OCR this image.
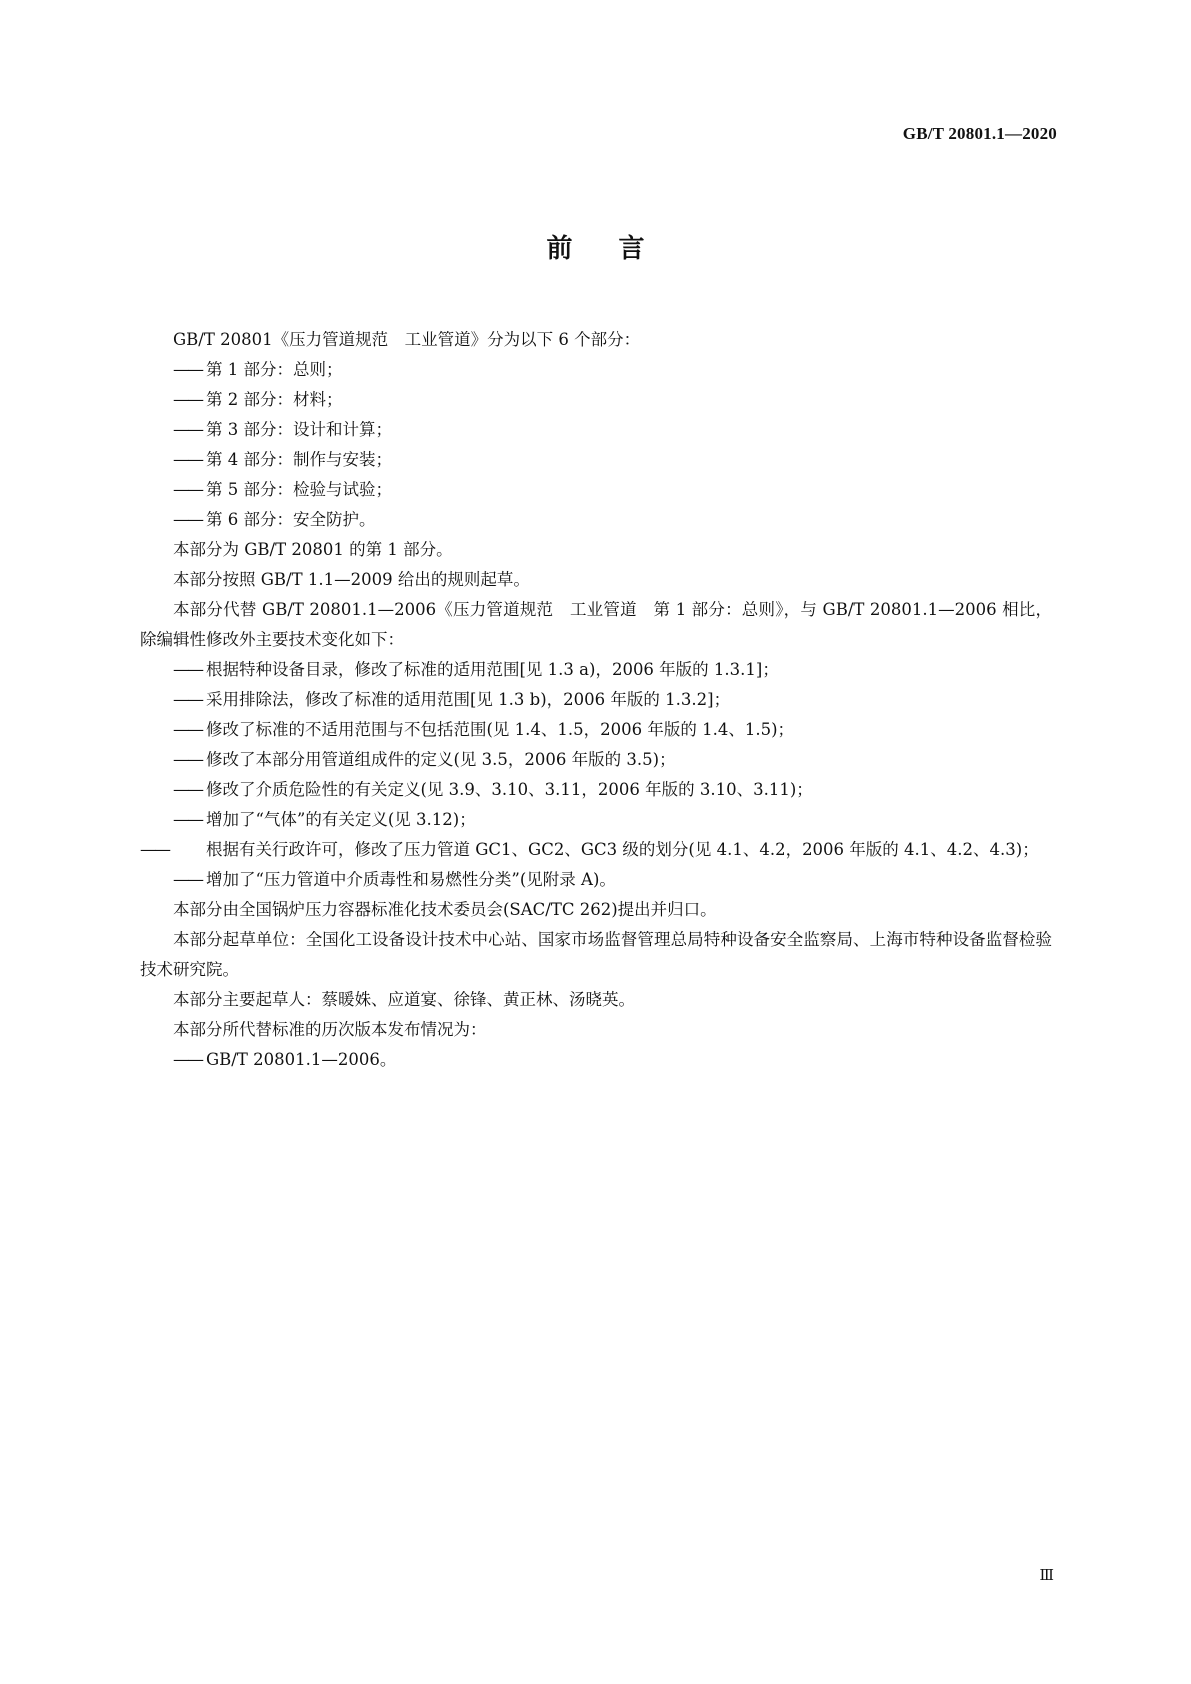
GB/T 20801.1—2020
前言
GB/T 20801《压力管道规范　工业管道》分为以下 6 个部分：
—— 第 1 部分：总则；
—— 第 2 部分：材料；
—— 第 3 部分：设计和计算；
—— 第 4 部分：制作与安装；
—— 第 5 部分：检验与试验；
—— 第 6 部分：安全防护。
本部分为 GB/T 20801 的第 1 部分。
本部分按照 GB/T 1.1—2009 给出的规则起草。
本部分代替 GB/T 20801.1—2006《压力管道规范　工业管道　第 1 部分：总则》，与 GB/T 20801.1—2006 相比，除编辑性修改外主要技术变化如下：
—— 根据特种设备目录，修改了标准的适用范围[见 1.3 a)，2006 年版的 1.3.1]；
—— 采用排除法，修改了标准的适用范围[见 1.3 b)，2006 年版的 1.3.2]；
—— 修改了标准的不适用范围与不包括范围(见 1.4、1.5，2006 年版的 1.4、1.5)；
—— 修改了本部分用管道组成件的定义(见 3.5，2006 年版的 3.5)；
—— 修改了介质危险性的有关定义(见 3.9、3.10、3.11，2006 年版的 3.10、3.11)；
—— 增加了“气体”的有关定义(见 3.12)；
—— 根据有关行政许可，修改了压力管道 GC1、GC2、GC3 级的划分(见 4.1、4.2，2006 年版的 4.1、4.2、4.3)；
—— 增加了“压力管道中介质毒性和易燃性分类”(见附录 A)。
本部分由全国锅炉压力容器标准化技术委员会(SAC/TC 262)提出并归口。
本部分起草单位：全国化工设备设计技术中心站、国家市场监督管理总局特种设备安全监察局、上海市特种设备监督检验技术研究院。
本部分主要起草人：蔡暖姝、应道宴、徐锋、黄正林、汤晓英。
本部分所代替标准的历次版本发布情况为：
—— GB/T 20801.1—2006。
Ⅲ
